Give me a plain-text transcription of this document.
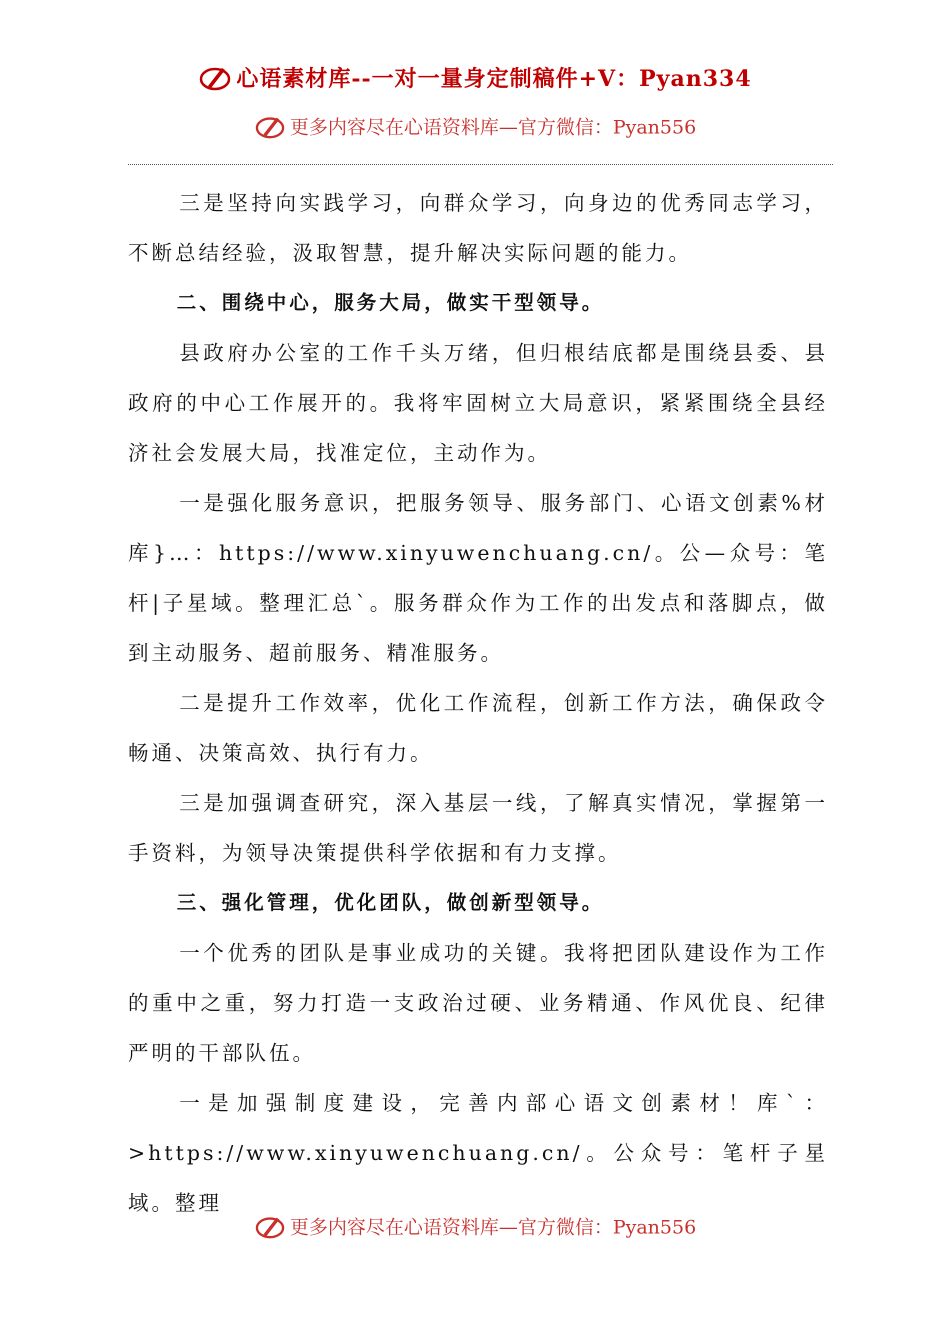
心语素材库--一对一量身定制稿件+V：Pyan334
更多内容尽在心语资料库—官方微信：Pyan556

三是坚持向实践学习，向群众学习，向身边的优秀同志学习，不断总结经验，汲取智慧，提升解决实际问题的能力。

二、围绕中心，服务大局，做实干型领导。

县政府办公室的工作千头万绪，但归根结底都是围绕县委、县政府的中心工作展开的。我将牢固树立大局意识，紧紧围绕全县经济社会发展大局，找准定位，主动作为。

一是强化服务意识，把服务领导、服务部门、心语文创素%材库}…：https://www.xinyuwenchuang.cn/。公—众号：笔杆|子星域。整理汇总`。服务群众作为工作的出发点和落脚点，做到主动服务、超前服务、精准服务。

二是提升工作效率，优化工作流程，创新工作方法，确保政令畅通、决策高效、执行有力。

三是加强调查研究，深入基层一线，了解真实情况，掌握第一手资料，为领导决策提供科学依据和有力支撑。

三、强化管理，优化团队，做创新型领导。

一个优秀的团队是事业成功的关键。我将把团队建设作为工作的重中之重，努力打造一支政治过硬、业务精通、作风优良、纪律严明的干部队伍。

一是加强制度建设，完善内部心语文创素材！库`：>https://www.xinyuwenchuang.cn/。公众号：笔杆子星域。整理

更多内容尽在心语资料库—官方微信：Pyan556
